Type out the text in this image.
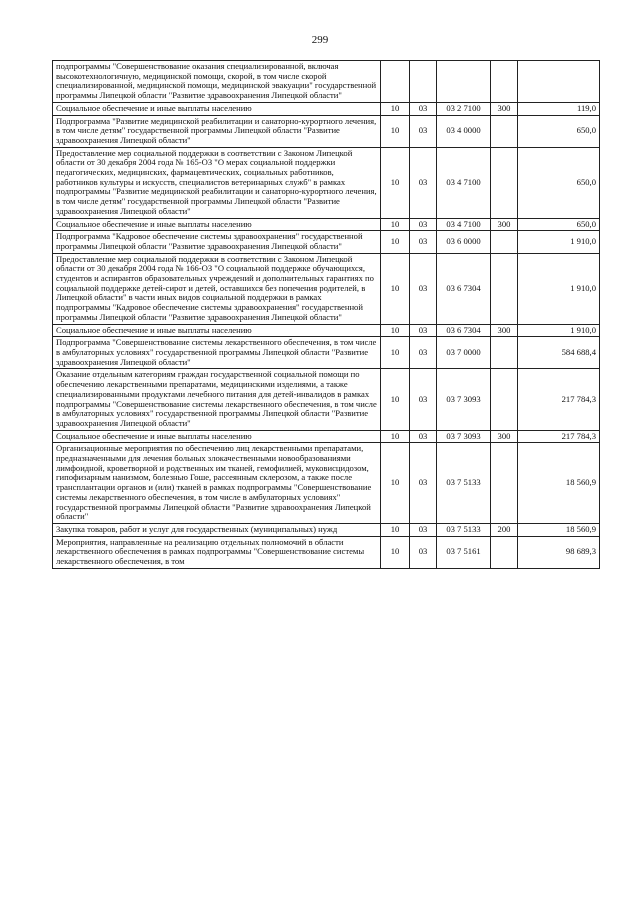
299
подпрограммы "Совершенствование оказания специализированной, включая высокотехнологичную, медицинской помощи, скорой, в том числе скорой специализированной, медицинской помощи, медицинской эвакуации" государственной программы Липецкой области "Развитие здравоохранения Липецкой области"					
Социальное обеспечение и иные выплаты населению	10	03	03 2 7100	300	119,0
Подпрограмма "Развитие медицинской реабилитации и санаторно-курортного лечения, в том числе детям" государственной программы Липецкой области "Развитие здравоохранения Липецкой области"	10	03	03 4 0000		650,0
Предоставление мер социальной поддержки в соответствии с Законом Липецкой области от 30 декабря 2004 года № 165-ОЗ "О мерах социальной поддержки педагогических, медицинских, фармацевтических, социальных работников, работников культуры и искусств, специалистов ветеринарных служб" в рамках подпрограммы "Развитие медицинской реабилитации и санаторно-курортного лечения, в том числе детям" государственной программы Липецкой области "Развитие здравоохранения Липецкой области"	10	03	03 4 7100		650,0
Социальное обеспечение и иные выплаты населению	10	03	03 4 7100	300	650,0
Подпрограмма "Кадровое обеспечение системы здравоохранения" государственной программы Липецкой области "Развитие здравоохранения Липецкой области"	10	03	03 6 0000		1 910,0
Предоставление мер социальной поддержки в соответствии с Законом Липецкой области от 30 декабря 2004 года № 166-ОЗ "О социальной поддержке обучающихся, студентов и аспирантов образовательных учреждений и дополнительных гарантиях по социальной поддержке детей-сирот и детей, оставшихся без попечения родителей, в Липецкой области" в части иных видов социальной поддержки в рамках подпрограммы "Кадровое обеспечение системы здравоохранения" государственной программы Липецкой области "Развитие здравоохранения Липецкой области"	10	03	03 6 7304		1 910,0
Социальное обеспечение и иные выплаты населению	10	03	03 6 7304	300	1 910,0
Подпрограмма "Совершенствование системы лекарственного обеспечения, в том числе в амбулаторных условиях" государственной программы Липецкой области "Развитие здравоохранения Липецкой области"	10	03	03 7 0000		584 688,4
Оказание отдельным категориям граждан государственной социальной помощи по обеспечению лекарственными препаратами, медицинскими изделиями, а также специализированными продуктами лечебного питания для детей-инвалидов в рамках подпрограммы "Совершенствование системы лекарственного обеспечения, в том числе в амбулаторных условиях" государственной программы Липецкой области "Развитие здравоохранения Липецкой области"	10	03	03 7 3093		217 784,3
Социальное обеспечение и иные выплаты населению	10	03	03 7 3093	300	217 784,3
Организационные мероприятия по обеспечению лиц лекарственными препаратами, предназначенными для лечения больных злокачественными новообразованиями лимфоидной, кроветворной и родственных им тканей, гемофилией, муковисцидозом, гипофизарным нанизмом, болезнью Гоше, рассеянным склерозом, а также после трансплантации органов и (или) тканей в рамках подпрограммы "Совершенствование системы лекарственного обеспечения, в том числе в амбулаторных условиях" государственной программы Липецкой области "Развитие здравоохранения Липецкой области"	10	03	03 7 5133		18 560,9
Закупка товаров, работ и услуг для государственных (муниципальных) нужд	10	03	03 7 5133	200	18 560,9
Мероприятия, направленные на реализацию отдельных полномочий в области лекарственного обеспечения в рамках подпрограммы "Совершенствование системы лекарственного обеспечения, в том	10	03	03 7 5161		98 689,3
